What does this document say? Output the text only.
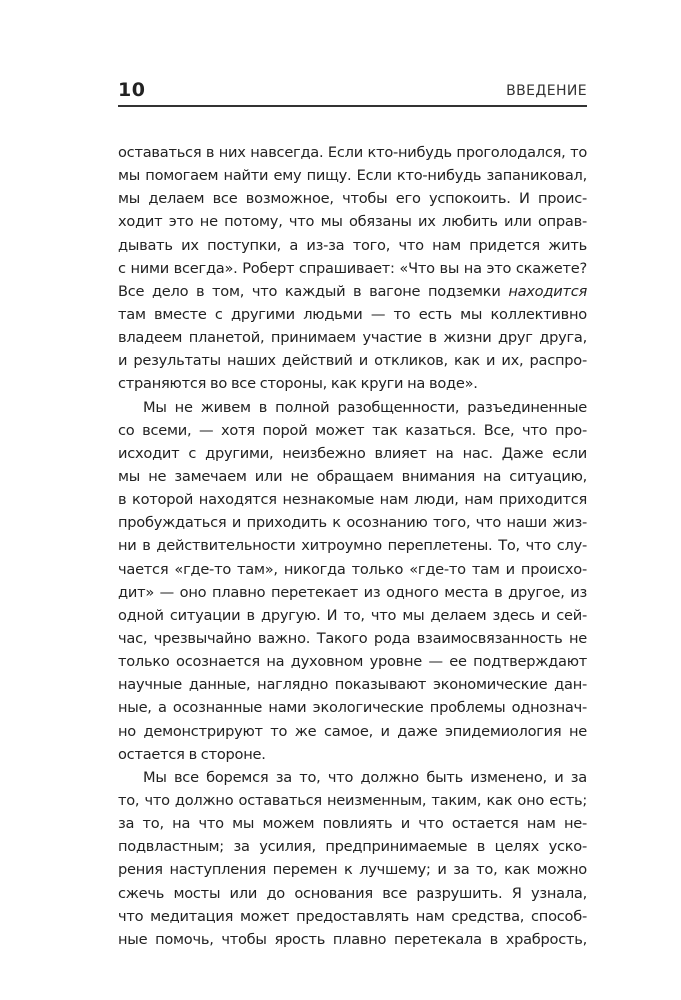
10	ВВЕДЕНИЕ
оставаться в них навсегда. Если кто-нибудь проголодался, то
мы помогаем найти ему пищу. Если кто-нибудь запаниковал,
мы делаем все возможное, чтобы его успокоить. И проис-
ходит это не потому, что мы обязаны их любить или оправ-
дывать их поступки, а из-за того, что нам придется жить
с ними всегда». Роберт спрашивает: «Что вы на это скажете?
Все дело в том, что каждый в вагоне подземки находится
там вместе с другими людьми — то есть мы коллективно
владеем планетой, принимаем участие в жизни друг друга,
и результаты наших действий и откликов, как и их, распро-
страняются во все стороны, как круги на воде».
Мы не живем в полной разобщенности, разъединенные
со всеми, — хотя порой может так казаться. Все, что про-
исходит с другими, неизбежно влияет на нас. Даже если
мы не замечаем или не обращаем внимания на ситуацию,
в которой находятся незнакомые нам люди, нам приходится
пробуждаться и приходить к осознанию того, что наши жиз-
ни в действительности хитроумно переплетены. То, что слу-
чается «где-то там», никогда только «где-то там и происхо-
дит» — оно плавно перетекает из одного места в другое, из
одной ситуации в другую. И то, что мы делаем здесь и сей-
час, чрезвычайно важно. Такого рода взаимосвязанность не
только осознается на духовном уровне — ее подтверждают
научные данные, наглядно показывают экономические дан-
ные, а осознанные нами экологические проблемы однознач-
но демонстрируют то же самое, и даже эпидемиология не
остается в стороне.
Мы все боремся за то, что должно быть изменено, и за
то, что должно оставаться неизменным, таким, как оно есть;
за то, на что мы можем повлиять и что остается нам не-
подвластным; за усилия, предпринимаемые в целях уско-
рения наступления перемен к лучшему; и за то, как можно
сжечь мосты или до основания все разрушить. Я узнала,
что медитация может предоставлять нам средства, способ-
ные помочь, чтобы ярость плавно перетекала в храбрость,
